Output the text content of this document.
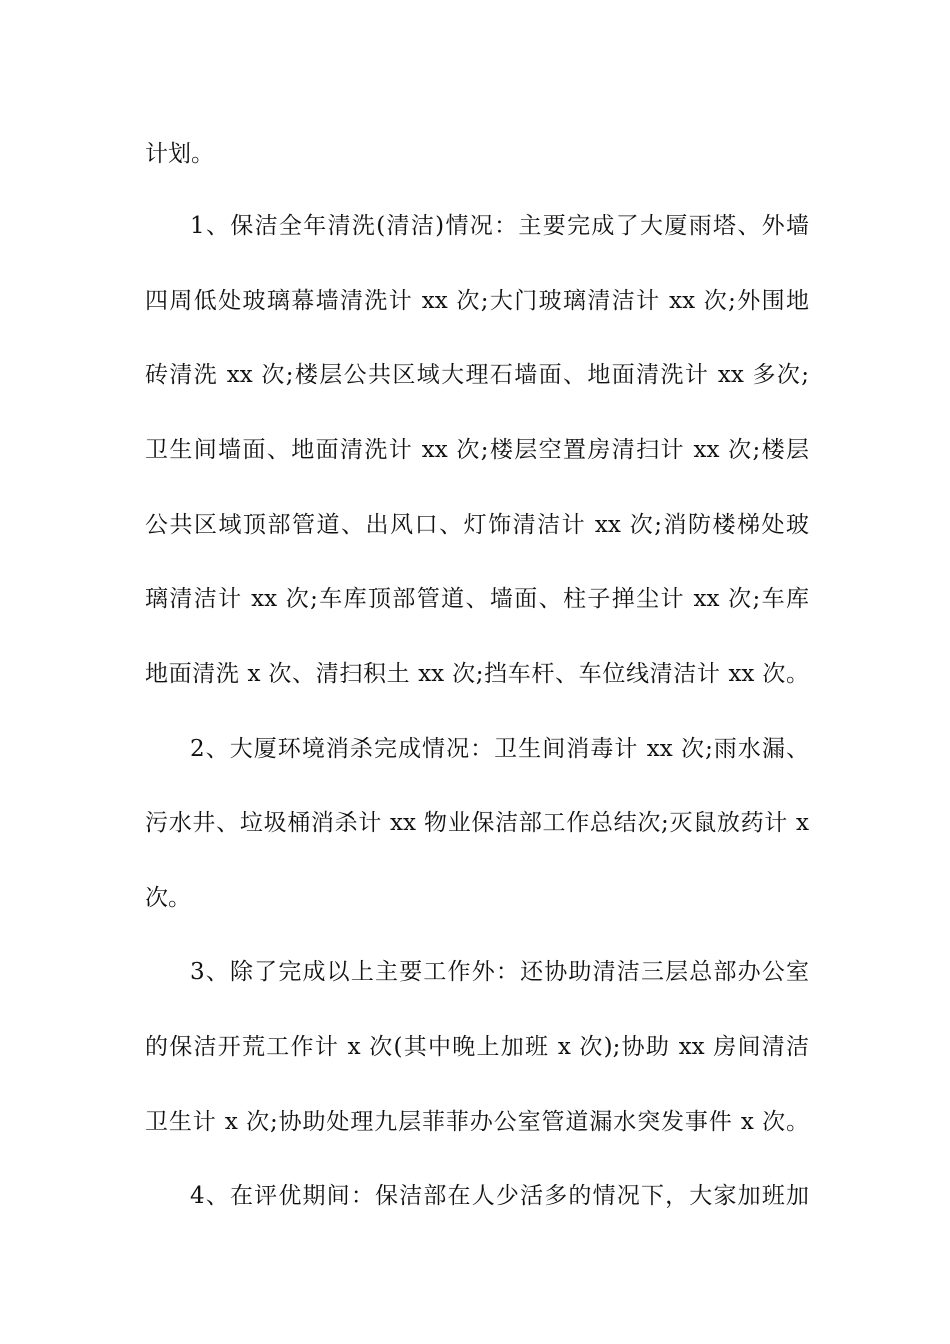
计划。
1、保洁全年清洗(清洁)情况：主要完成了大厦雨塔、外墙
四周低处玻璃幕墙清洗计 xx 次;大门玻璃清洁计 xx 次;外围地
砖清洗 xx 次;楼层公共区域大理石墙面、地面清洗计 xx 多次;
卫生间墙面、地面清洗计 xx 次;楼层空置房清扫计 xx 次;楼层
公共区域顶部管道、出风口、灯饰清洁计 xx 次;消防楼梯处玻
璃清洁计 xx 次;车库顶部管道、墙面、柱子掸尘计 xx 次;车库
地面清洗 x 次、清扫积土 xx 次;挡车杆、车位线清洁计 xx 次。
2、大厦环境消杀完成情况：卫生间消毒计 xx 次;雨水漏、
污水井、垃圾桶消杀计 xx 物业保洁部工作总结次;灭鼠放药计 x
次。
3、除了完成以上主要工作外：还协助清洁三层总部办公室
的保洁开荒工作计 x 次(其中晚上加班 x 次);协助 xx 房间清洁
卫生计 x 次;协助处理九层菲菲办公室管道漏水突发事件 x 次。
4、在评优期间：保洁部在人少活多的情况下，大家加班加
